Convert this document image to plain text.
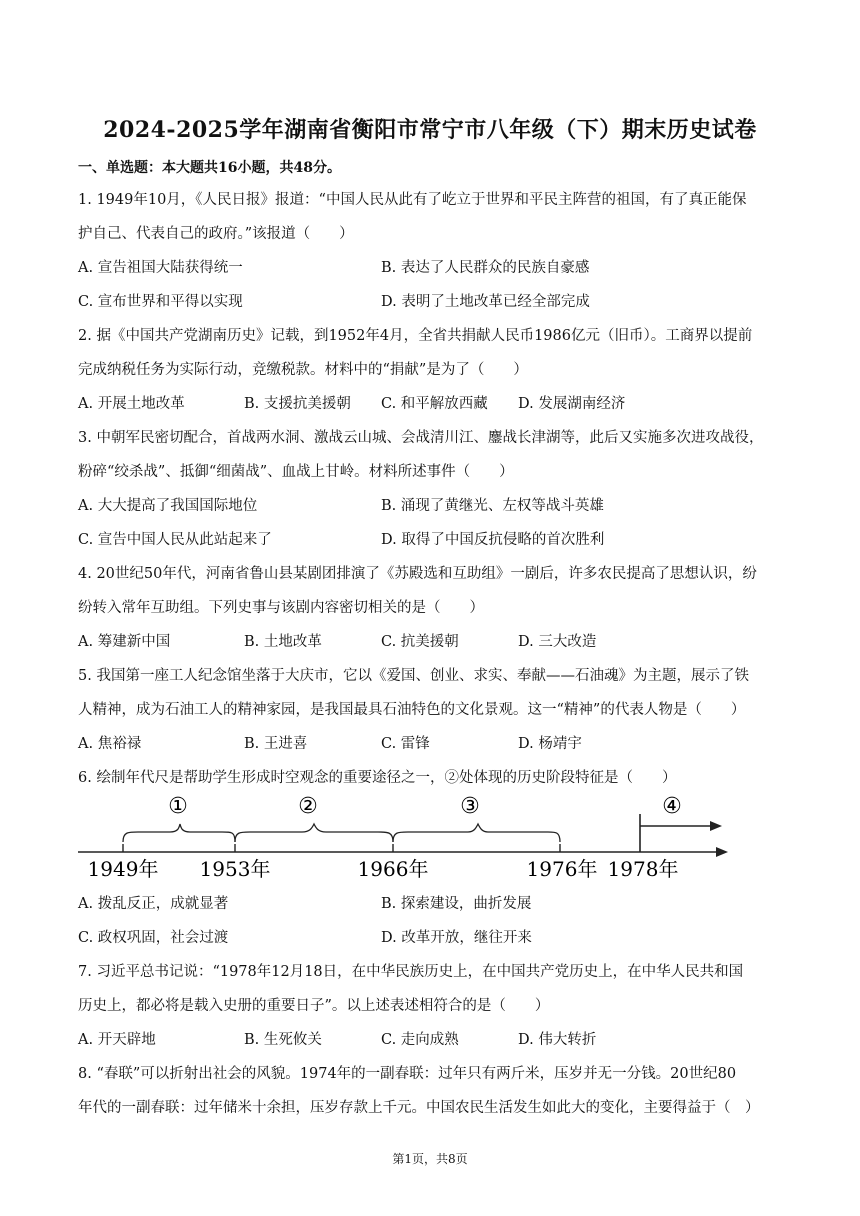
2024-2025学年湖南省衡阳市常宁市八年级（下）期末历史试卷
一、单选题：本大题共16小题，共48分。
1. 1949年10月，《人民日报》报道：“中国人民从此有了屹立于世界和平民主阵营的祖国，有了真正能保
护自己、代表自己的政府。”该报道（　　）
A. 宣告祖国大陆获得统一	B. 表达了人民群众的民族自豪感
C. 宣布世界和平得以实现	D. 表明了土地改革已经全部完成
2. 据《中国共产党湖南历史》记载，到1952年4月，全省共捐献人民币1986亿元（旧币）。工商界以提前
完成纳税任务为实际行动，竞缴税款。材料中的“捐献”是为了（　　）
A. 开展土地改革	B. 支援抗美援朝 C. 和平解放西藏 D. 发展湖南经济
3. 中朝军民密切配合，首战两水洞、激战云山城、会战清川江、鏖战长津湖等，此后又实施多次进攻战役，
粉碎“绞杀战”、抵御“细菌战”、血战上甘岭。材料所述事件（　　）
A. 大大提高了我国国际地位	B. 涌现了黄继光、左权等战斗英雄
C. 宣告中国人民从此站起来了	D. 取得了中国反抗侵略的首次胜利
4. 20世纪50年代，河南省鲁山县某剧团排演了《苏殿选和互助组》一剧后，许多农民提高了思想认识，纷
纷转入常年互助组。下列史事与该剧内容密切相关的是（　　）
A. 筹建新中国	B. 土地改革	C. 抗美援朝	D. 三大改造
5. 我国第一座工人纪念馆坐落于大庆市，它以《爱国、创业、求实、奉献——石油魂》为主题，展示了铁
人精神，成为石油工人的精神家园，是我国最具石油特色的文化景观。这一“精神”的代表人物是（　　）
A. 焦裕禄	B. 王进喜	C. 雷锋	D. 杨靖宇
6. 绘制年代尺是帮助学生形成时空观念的重要途径之一，②处体现的历史阶段特征是（　　）
①	②	③	④
1949年 1953年	1966年	1976年 1978年
A. 拨乱反正，成就显著	B. 探索建设，曲折发展
C. 政权巩固，社会过渡	D. 改革开放，继往开来
7. 习近平总书记说：“1978年12月18日，在中华民族历史上，在中国共产党历史上，在中华人民共和国
历史上，都必将是载入史册的重要日子”。以上述表述相符合的是（　　）
A. 开天辟地	B. 生死攸关	C. 走向成熟	D. 伟大转折
8. “春联”可以折射出社会的风貌。1974年的一副春联：过年只有两斤米，压岁并无一分钱。20世纪80
年代的一副春联：过年储米十余担，压岁存款上千元。中国农民生活发生如此大的变化，主要得益于（　）
第1页，共8页
